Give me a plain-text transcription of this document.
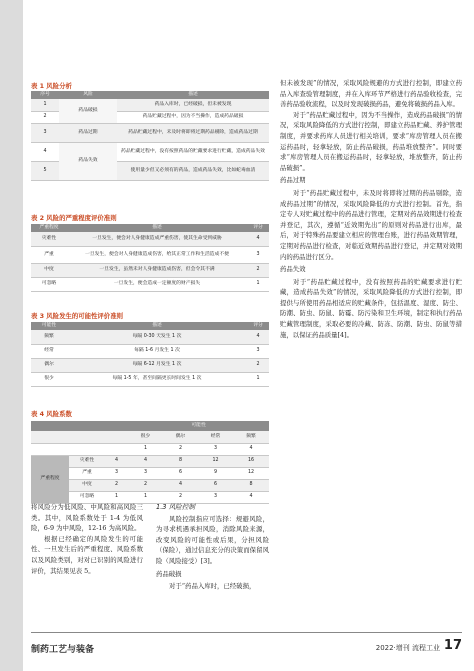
表 1 风险分析
序号	风险	描述
1	药品破损	药品入库时，已经破损，但未被发现
2		药品贮藏过程中，因为不当操作，造成药品破损
3	药品过期	药品贮藏过程中，未及时将即将过期药品剔除，造成药品过期
4	药品失效	药品贮藏过程中，没有按照药品的贮藏要求进行贮藏，造成药品失效
5		使用量少但又必须有的药品，造成药品失效，比如蛇毒血清
表 2 风险的严重程度评价准则
严重程度	描述	评分
灾难性	一旦发生，便会对人身健康造成严重伤害，使其生命受到威胁	4
严重	一旦发生，便会对人身健康造成伤害，给其正常工作和生活造成不便	3
中度	一旦发生，虽然未对人身健康造成伤害，但会令其不满	2
可忽略	一旦发生，便会造成一定额度的财产损失	1
表 3 风险发生的可能性评价准则
可能性	描述	评分
频繁	每隔 0-30 天发生 1 次	4
经常	每隔 1-6 月发生 1 次	3
偶尔	每隔 6-12 月发生 1 次	2
很少	每隔 1-5 年，甚至间隔更长时间发生 1 次	1
表 4 风险系数
			可能性			
			很少	偶尔	经常	频繁
			1	2	3	4
严重程度	灾难性	4	4	8	12	16
	严重	3	3	6	9	12
	中度	2	2	4	6	8
	可忽略	1	1	2	3	4

将风险分为低风险、中风险和高风险三类。其中，风险系数处于 1-4 为低风险，6-9 为中风险，12-16 为高风险。

根据已经确定的风险发生的可能性、一旦发生后的严重程度、风险系数以及风险类别，对对已识别的风险进行评价，其结果见表 5。

1.3 风险控制

风险控制指应可选择：规避风险，为寻求机遇承担风险，消除风险来源，改变风险的可能性或后果，分担风险（保险），通过信息充分的决策而保留风险（风险接受）[3]。

药品破损

对于“药品入库时，已经破损，

但未被发现”的情况，采取风险规避的方式进行控制，即建立药品入库查验管理制度，并在入库环节严格进行药品验收检查，完善药品验收流程，以及时发现破损药品，避免将破损药品入库。

对于“药品贮藏过程中，因为不当操作，造成药品破损”的情况，采取风险降低的方式进行控制，即建立药品贮藏、养护管理制度，并要求药库人员进行相关培训，要求“库房管理人员在搬运药品时，轻拿轻放，防止药品破损，药品堆放整齐”。同时要求“库房管理人员在搬运药品时，轻拿轻放，堆放整齐，防止药品破损”。

药品过期

对于“药品贮藏过程中，未及时将即将过期的药品剔除，造成药品过期”的情况，采取风险降低的方式进行控制。首先，指定专人对贮藏过程中的药品进行管理，定期对药品效期进行检查并登记，其次，遵循“近效期先出”的原则对药品进行出库，最后，对于特殊药品要建立相应的管理台账，进行药品效期管理，定期对药品进行检查，对临近效期药品进行登记，并定期对效期内的药品进行区分。

药品失效

对于“药品贮藏过程中，没有按照药品的贮藏要求进行贮藏，造成药品失效”的情况，采取风险降低的方式进行控制，即提供与所使用药品相适应的贮藏条件，包括温度、湿度、防尘、防潮、防虫、防鼠、防霉、防污染和卫生环境，制定和执行药品贮藏管理制度，采取必要的冷藏、防冻、防潮、防虫、防鼠等措施，以保证药品质量[4]。

制药工艺与装备	2022·增刊 流程工业 17
